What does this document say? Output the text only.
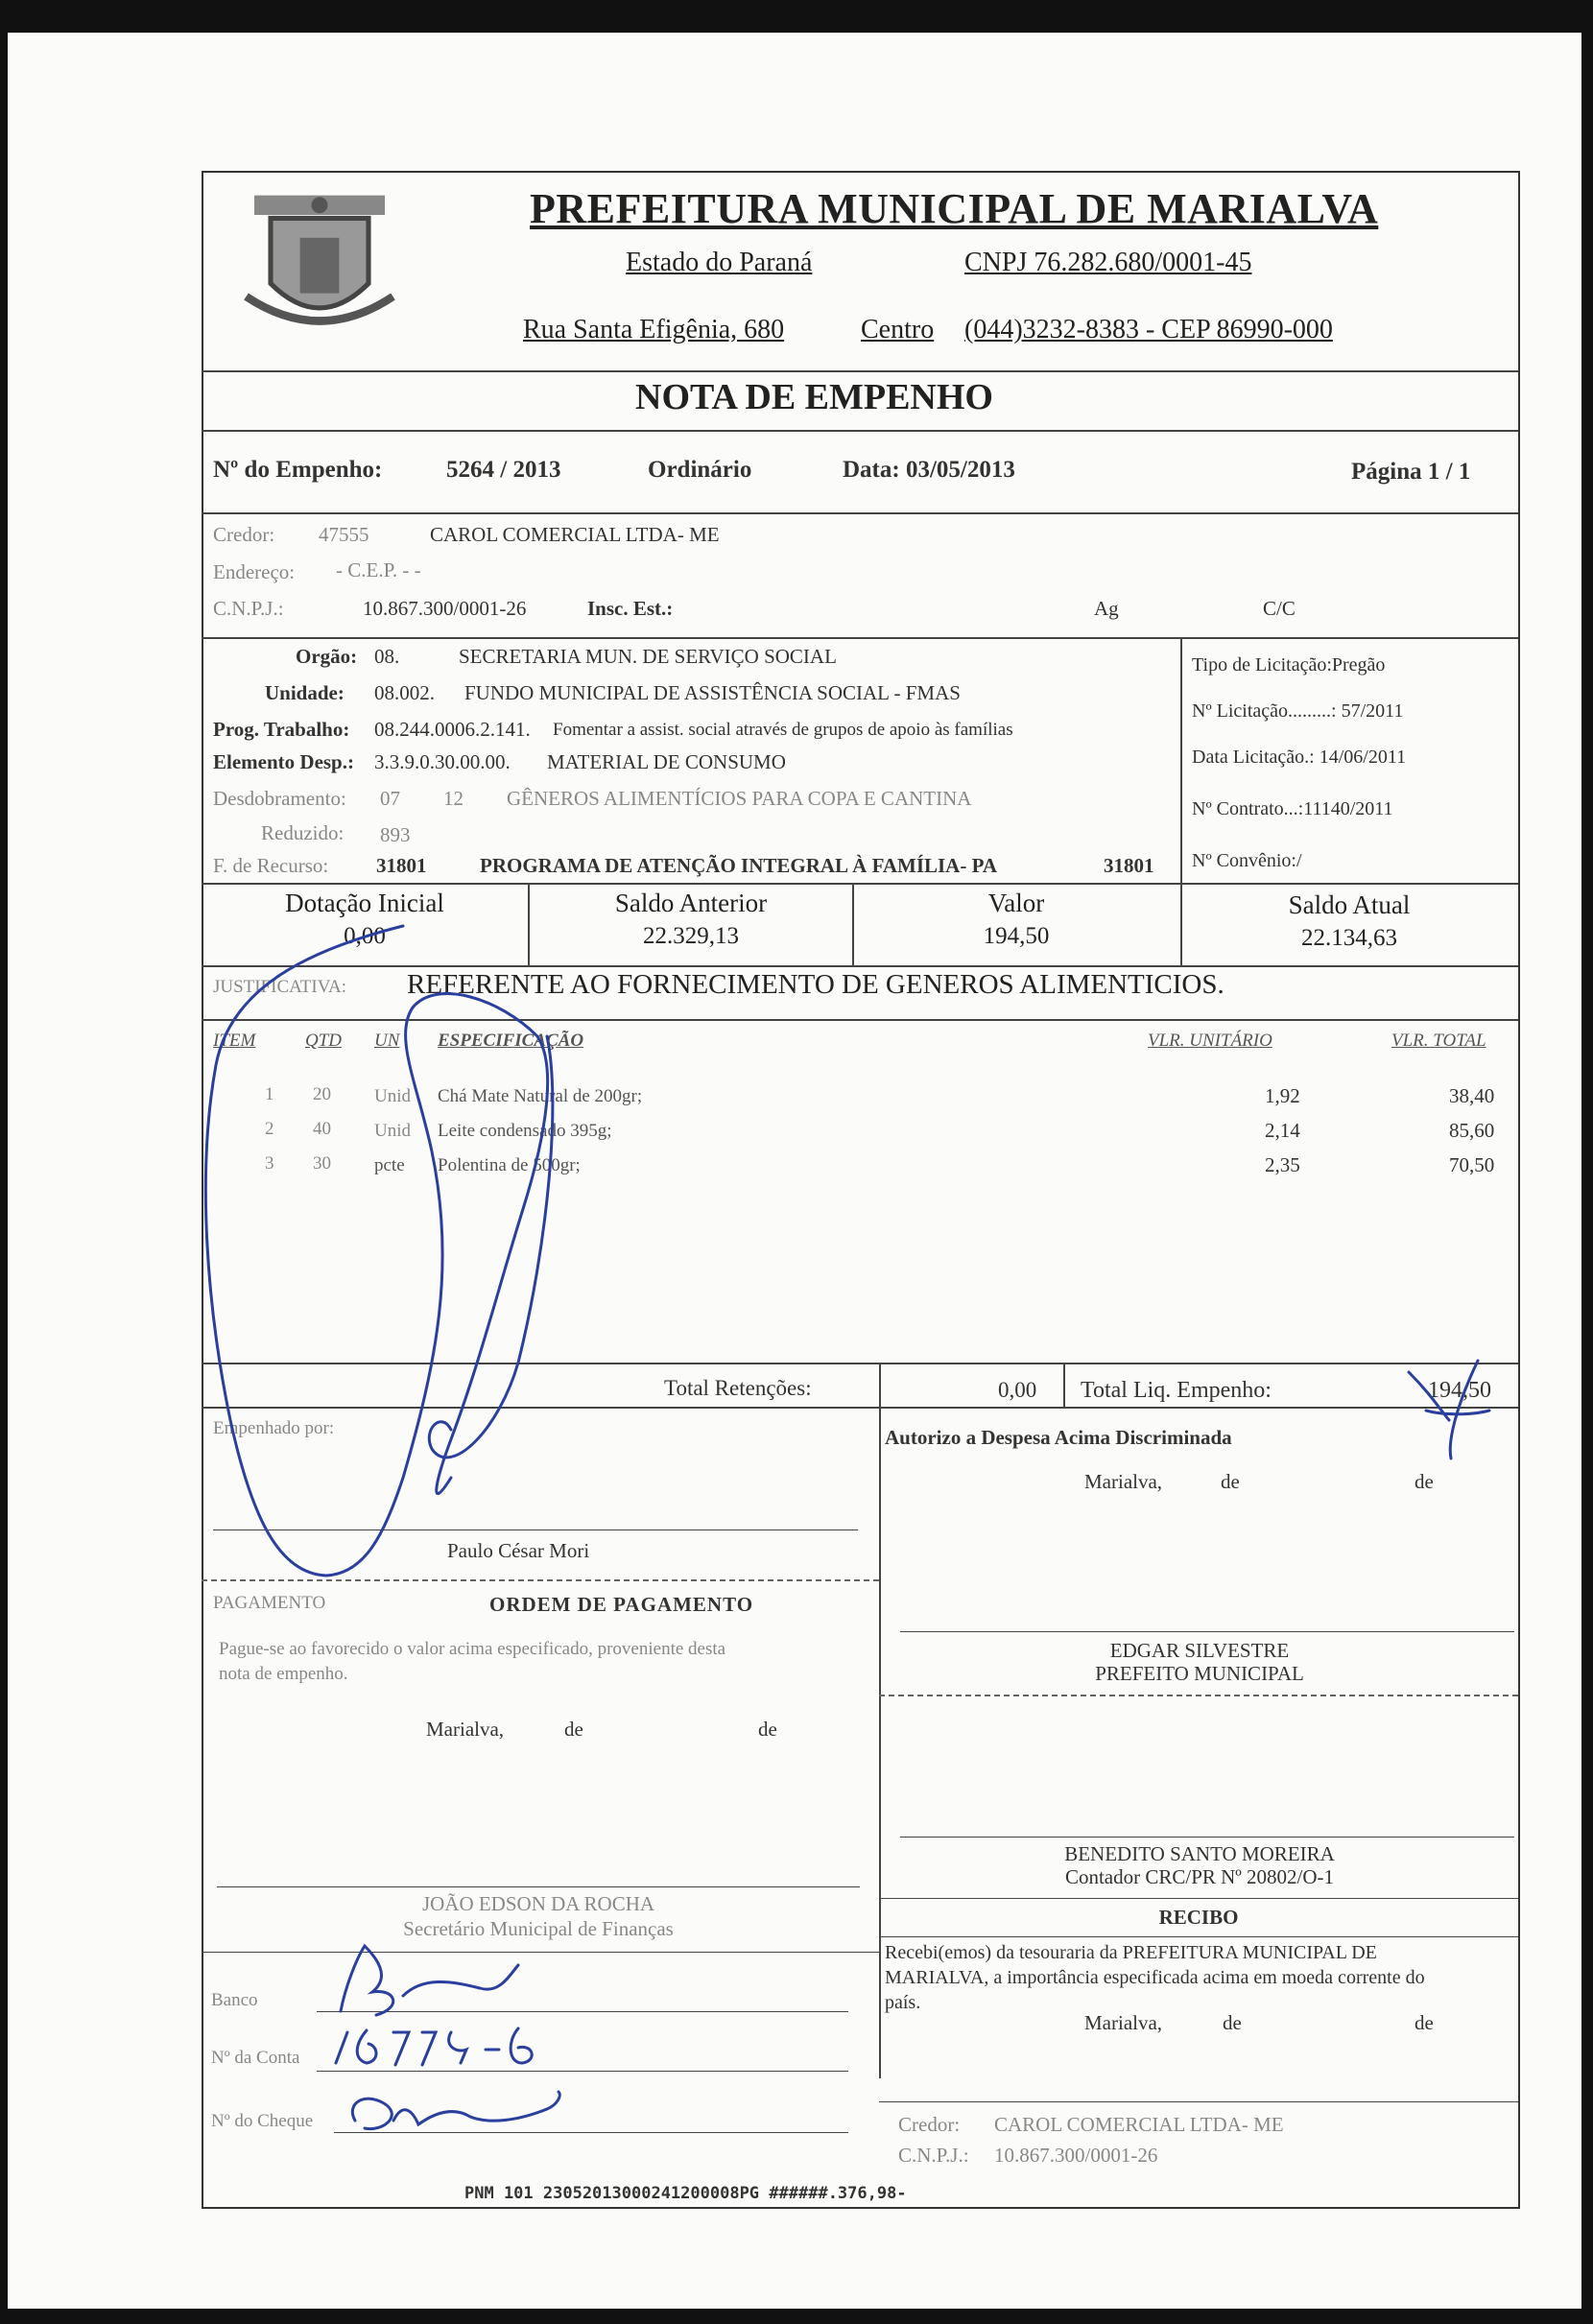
PREFEITURA MUNICIPAL DE MARIALVA
Estado do Paraná	CNPJ 76.282.680/0001-45
Rua Santa Efigênia, 680	Centro (044)3232-8383 - CEP 86990-000
NOTA DE EMPENHO
Nº do Empenho:	5264 / 2013	Ordinário	Data: 03/05/2013	Página 1 / 1
Credor: 47555	CAROL COMERCIAL LTDA- ME
Endereço: - C.E.P. - -
C.N.P.J.:	10.867.300/0001-26	Insc. Est.:	Ag	C/C
Orgão: 08.	SECRETARIA MUN. DE SERVIÇO SOCIAL
Unidade: 08.002. FUNDO MUNICIPAL DE ASSISTÊNCIA SOCIAL - FMAS
Prog. Trabalho: 08.244.0006.2.141. Fomentar a assist. social através de grupos de apoio às famílias
Elemento Desp.: 3.3.9.0.30.00.00. MATERIAL DE CONSUMO
Desdobramento: 07 12 GÊNEROS ALIMENTÍCIOS PARA COPA E CANTINA
Reduzido: 893
F. de Recurso: 31801	PROGRAMA DE ATENÇÃO INTEGRAL À FAMÍLIA- PA	31801
Tipo de Licitação:Pregão
Nº Licitação.........: 57/2011
Data Licitação.: 14/06/2011
Nº Contrato...:11140/2011
Nº Convênio:/
Dotação Inicial
0,00
Saldo Anterior
22.329,13
Valor
194,50
Saldo Atual
22.134,63
JUSTIFICATIVA: REFERENTE AO FORNECIMENTO DE GENEROS ALIMENTICIOS.
ITEM	QTD UN ESPECIFICAÇÃO	VLR. UNITÁRIO	VLR. TOTAL
1 20 Unid Chá Mate Natural de 200gr;	1,92	38,40
2 40 Unid Leite condensado 395g;	2,14	85,60
3 30 pcte Polentina de 500gr;	2,35	70,50
Total Retenções:	0,00 Total Liq. Empenho:	194,50
Empenhado por:
Paulo César Mori
Autorizo a Despesa Acima Discriminada
Marialva,	de	de
EDGAR SILVESTRE
PREFEITO MUNICIPAL
PAGAMENTO	ORDEM DE PAGAMENTO
Pague-se ao favorecido o valor acima especificado, proveniente desta
nota de empenho.
Marialva,	de	de
JOÃO EDSON DA ROCHA
Secretário Municipal de Finanças
BENEDITO SANTO MOREIRA
Contador CRC/PR Nº 20802/O-1
RECIBO
Recebi(emos) da tesouraria da PREFEITURA MUNICIPAL DE
MARIALVA, a importância especificada acima em moeda corrente do
país.
Marialva,	de	de
Credor: CAROL COMERCIAL LTDA- ME
C.N.P.J.: 10.867.300/0001-26
Banco
Nº da Conta
Nº do Cheque
PNM 101 23052013000241200008PG ######.376,98-
